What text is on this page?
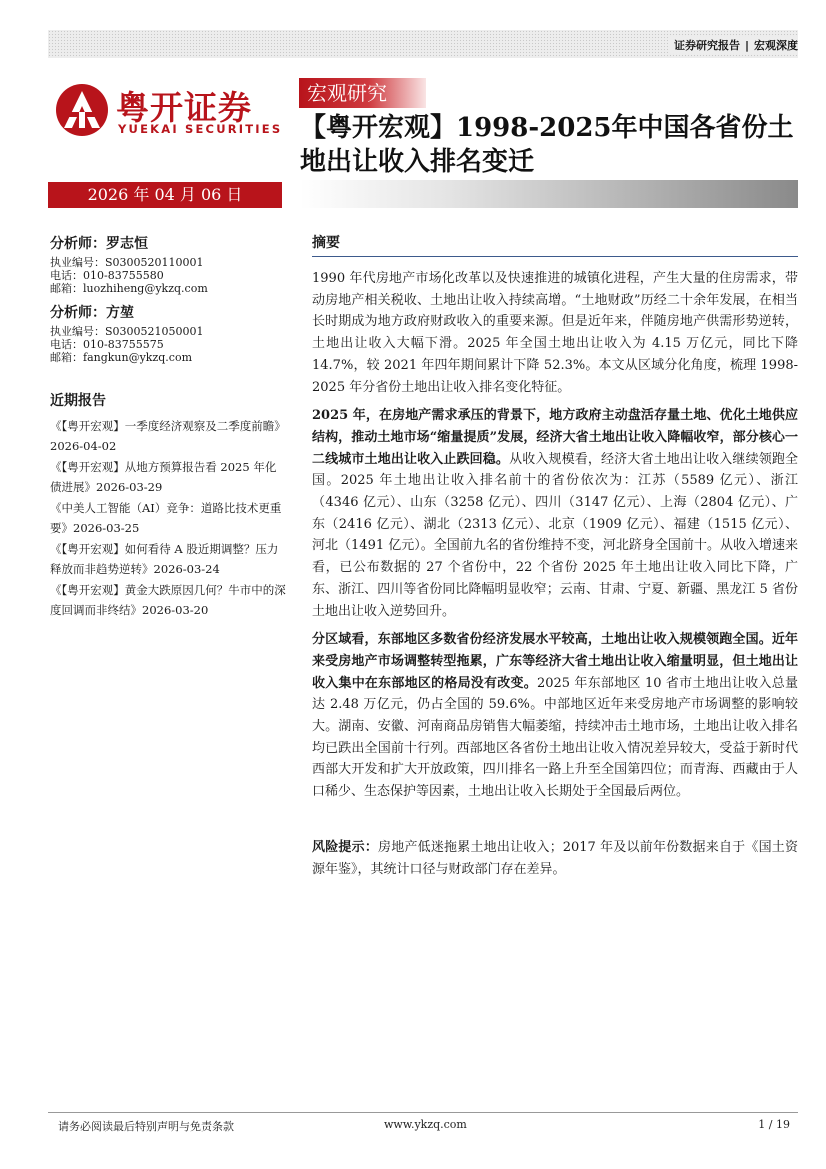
证券研究报告 | 宏观深度
粤开证券
YUEKAI SECURITIES
宏观研究
【粤开宏观】1998-2025年中国各省份土地出让收入排名变迁
2026 年 04 月 06 日

分析师：罗志恒

执业编号：S0300520110001

电话：010-83755580

邮箱：luozhiheng@ykzq.com

分析师：方堃

执业编号：S0300521050001

电话：010-83755575

邮箱：fangkun@ykzq.com

近期报告

《【粤开宏观】一季度经济观察及二季度前瞻》2026-04-02

《【粤开宏观】从地方预算报告看 2025 年化债进展》2026-03-29

《中美人工智能（AI）竞争：道路比技术更重要》2026-03-25

《【粤开宏观】如何看待 A 股近期调整？压力释放而非趋势逆转》2026-03-24

《【粤开宏观】黄金大跌原因几何？牛市中的深度回调而非终结》2026-03-20

摘要

1990 年代房地产市场化改革以及快速推进的城镇化进程，产生大量的住房需求，带动房地产相关税收、土地出让收入持续高增。“土地财政”历经二十余年发展，在相当长时期成为地方政府财政收入的重要来源。但是近年来，伴随房地产供需形势逆转，土地出让收入大幅下滑。2025 年全国土地出让收入为 4.15 万亿元，同比下降 14.7%，较 2021 年四年期间累计下降 52.3%。本文从区域分化角度，梳理 1998-2025 年分省份土地出让收入排名变化特征。

2025 年，在房地产需求承压的背景下，地方政府主动盘活存量土地、优化土地供应结构，推动土地市场“缩量提质”发展，经济大省土地出让收入降幅收窄，部分核心一二线城市土地出让收入止跌回稳。从收入规模看，经济大省土地出让收入继续领跑全国。2025 年土地出让收入排名前十的省份依次为：江苏（5589 亿元）、浙江（4346 亿元）、山东（3258 亿元）、四川（3147 亿元）、上海（2804 亿元）、广东（2416 亿元）、湖北（2313 亿元）、北京（1909 亿元）、福建（1515 亿元）、河北（1491 亿元）。全国前九名的省份维持不变，河北跻身全国前十。从收入增速来看，已公布数据的 27 个省份中，22 个省份 2025 年土地出让收入同比下降，广东、浙江、四川等省份同比降幅明显收窄；云南、甘肃、宁夏、新疆、黑龙江 5 省份土地出让收入逆势回升。

分区域看，东部地区多数省份经济发展水平较高，土地出让收入规模领跑全国。近年来受房地产市场调整转型拖累，广东等经济大省土地出让收入缩量明显，但土地出让收入集中在东部地区的格局没有改变。2025 年东部地区 10 省市土地出让收入总量达 2.48 万亿元，仍占全国的 59.6%。中部地区近年来受房地产市场调整的影响较大。湖南、安徽、河南商品房销售大幅萎缩，持续冲击土地市场，土地出让收入排名均已跌出全国前十行列。西部地区各省份土地出让收入情况差异较大，受益于新时代西部大开发和扩大开放政策，四川排名一路上升至全国第四位；而青海、西藏由于人口稀少、生态保护等因素，土地出让收入长期处于全国最后两位。

风险提示：房地产低迷拖累土地出让收入；2017 年及以前年份数据来自于《国土资源年鉴》，其统计口径与财政部门存在差异。

请务必阅读最后特别声明与免责条款	www.ykzq.com	1 / 19
